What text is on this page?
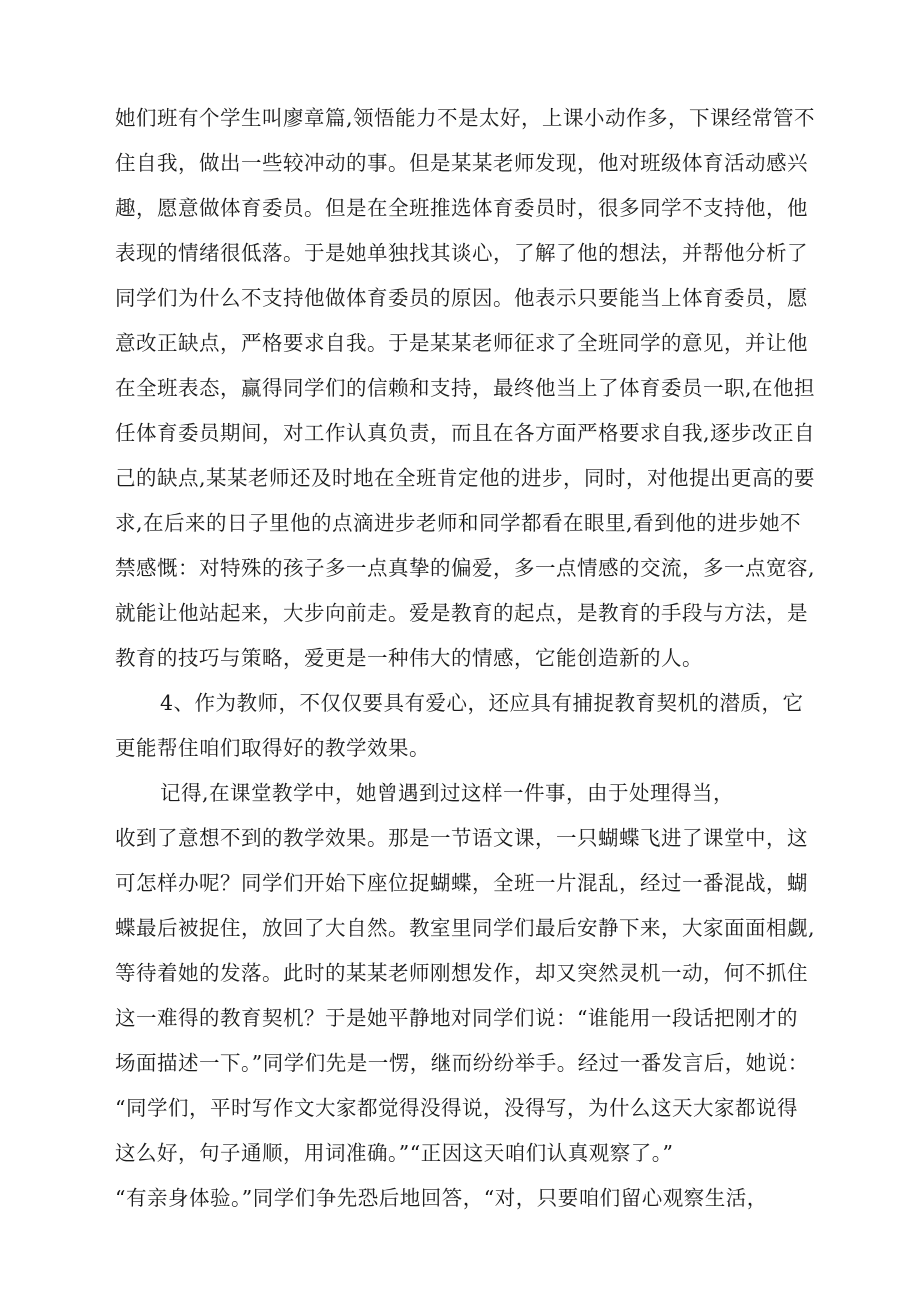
她们班有个学生叫廖章篇,领悟能力不是太好，上课小动作多，下课经常管不
住自我，做出一些较冲动的事。但是某某老师发现，他对班级体育活动感兴
趣，愿意做体育委员。但是在全班推选体育委员时，很多同学不支持他，他
表现的情绪很低落。于是她单独找其谈心，了解了他的想法，并帮他分析了
同学们为什么不支持他做体育委员的原因。他表示只要能当上体育委员，愿
意改正缺点，严格要求自我。于是某某老师征求了全班同学的意见，并让他
在全班表态，赢得同学们的信赖和支持，最终他当上了体育委员一职,在他担
任体育委员期间，对工作认真负责，而且在各方面严格要求自我,逐步改正自
己的缺点,某某老师还及时地在全班肯定他的进步，同时，对他提出更高的要
求,在后来的日子里他的点滴进步老师和同学都看在眼里,看到他的进步她不
禁感慨：对特殊的孩子多一点真挚的偏爱，多一点情感的交流，多一点宽容,
就能让他站起来，大步向前走。爱是教育的起点，是教育的手段与方法，是
教育的技巧与策略，爱更是一种伟大的情感，它能创造新的人。
4、作为教师，不仅仅要具有爱心，还应具有捕捉教育契机的潜质，它
更能帮住咱们取得好的教学效果。
记得,在课堂教学中，她曾遇到过这样一件事，由于处理得当，
收到了意想不到的教学效果。那是一节语文课，一只蝴蝶飞进了课堂中，这
可怎样办呢？同学们开始下座位捉蝴蝶，全班一片混乱，经过一番混战，蝴
蝶最后被捉住，放回了大自然。教室里同学们最后安静下来，大家面面相觑,
等待着她的发落。此时的某某老师刚想发作，却又突然灵机一动，何不抓住
这一难得的教育契机？于是她平静地对同学们说：“谁能用一段话把刚才的
场面描述一下。”同学们先是一愣，继而纷纷举手。经过一番发言后，她说：
“同学们，平时写作文大家都觉得没得说，没得写，为什么这天大家都说得
这么好，句子通顺，用词准确。”“正因这天咱们认真观察了。”
“有亲身体验。”同学们争先恐后地回答，“对，只要咱们留心观察生活，
